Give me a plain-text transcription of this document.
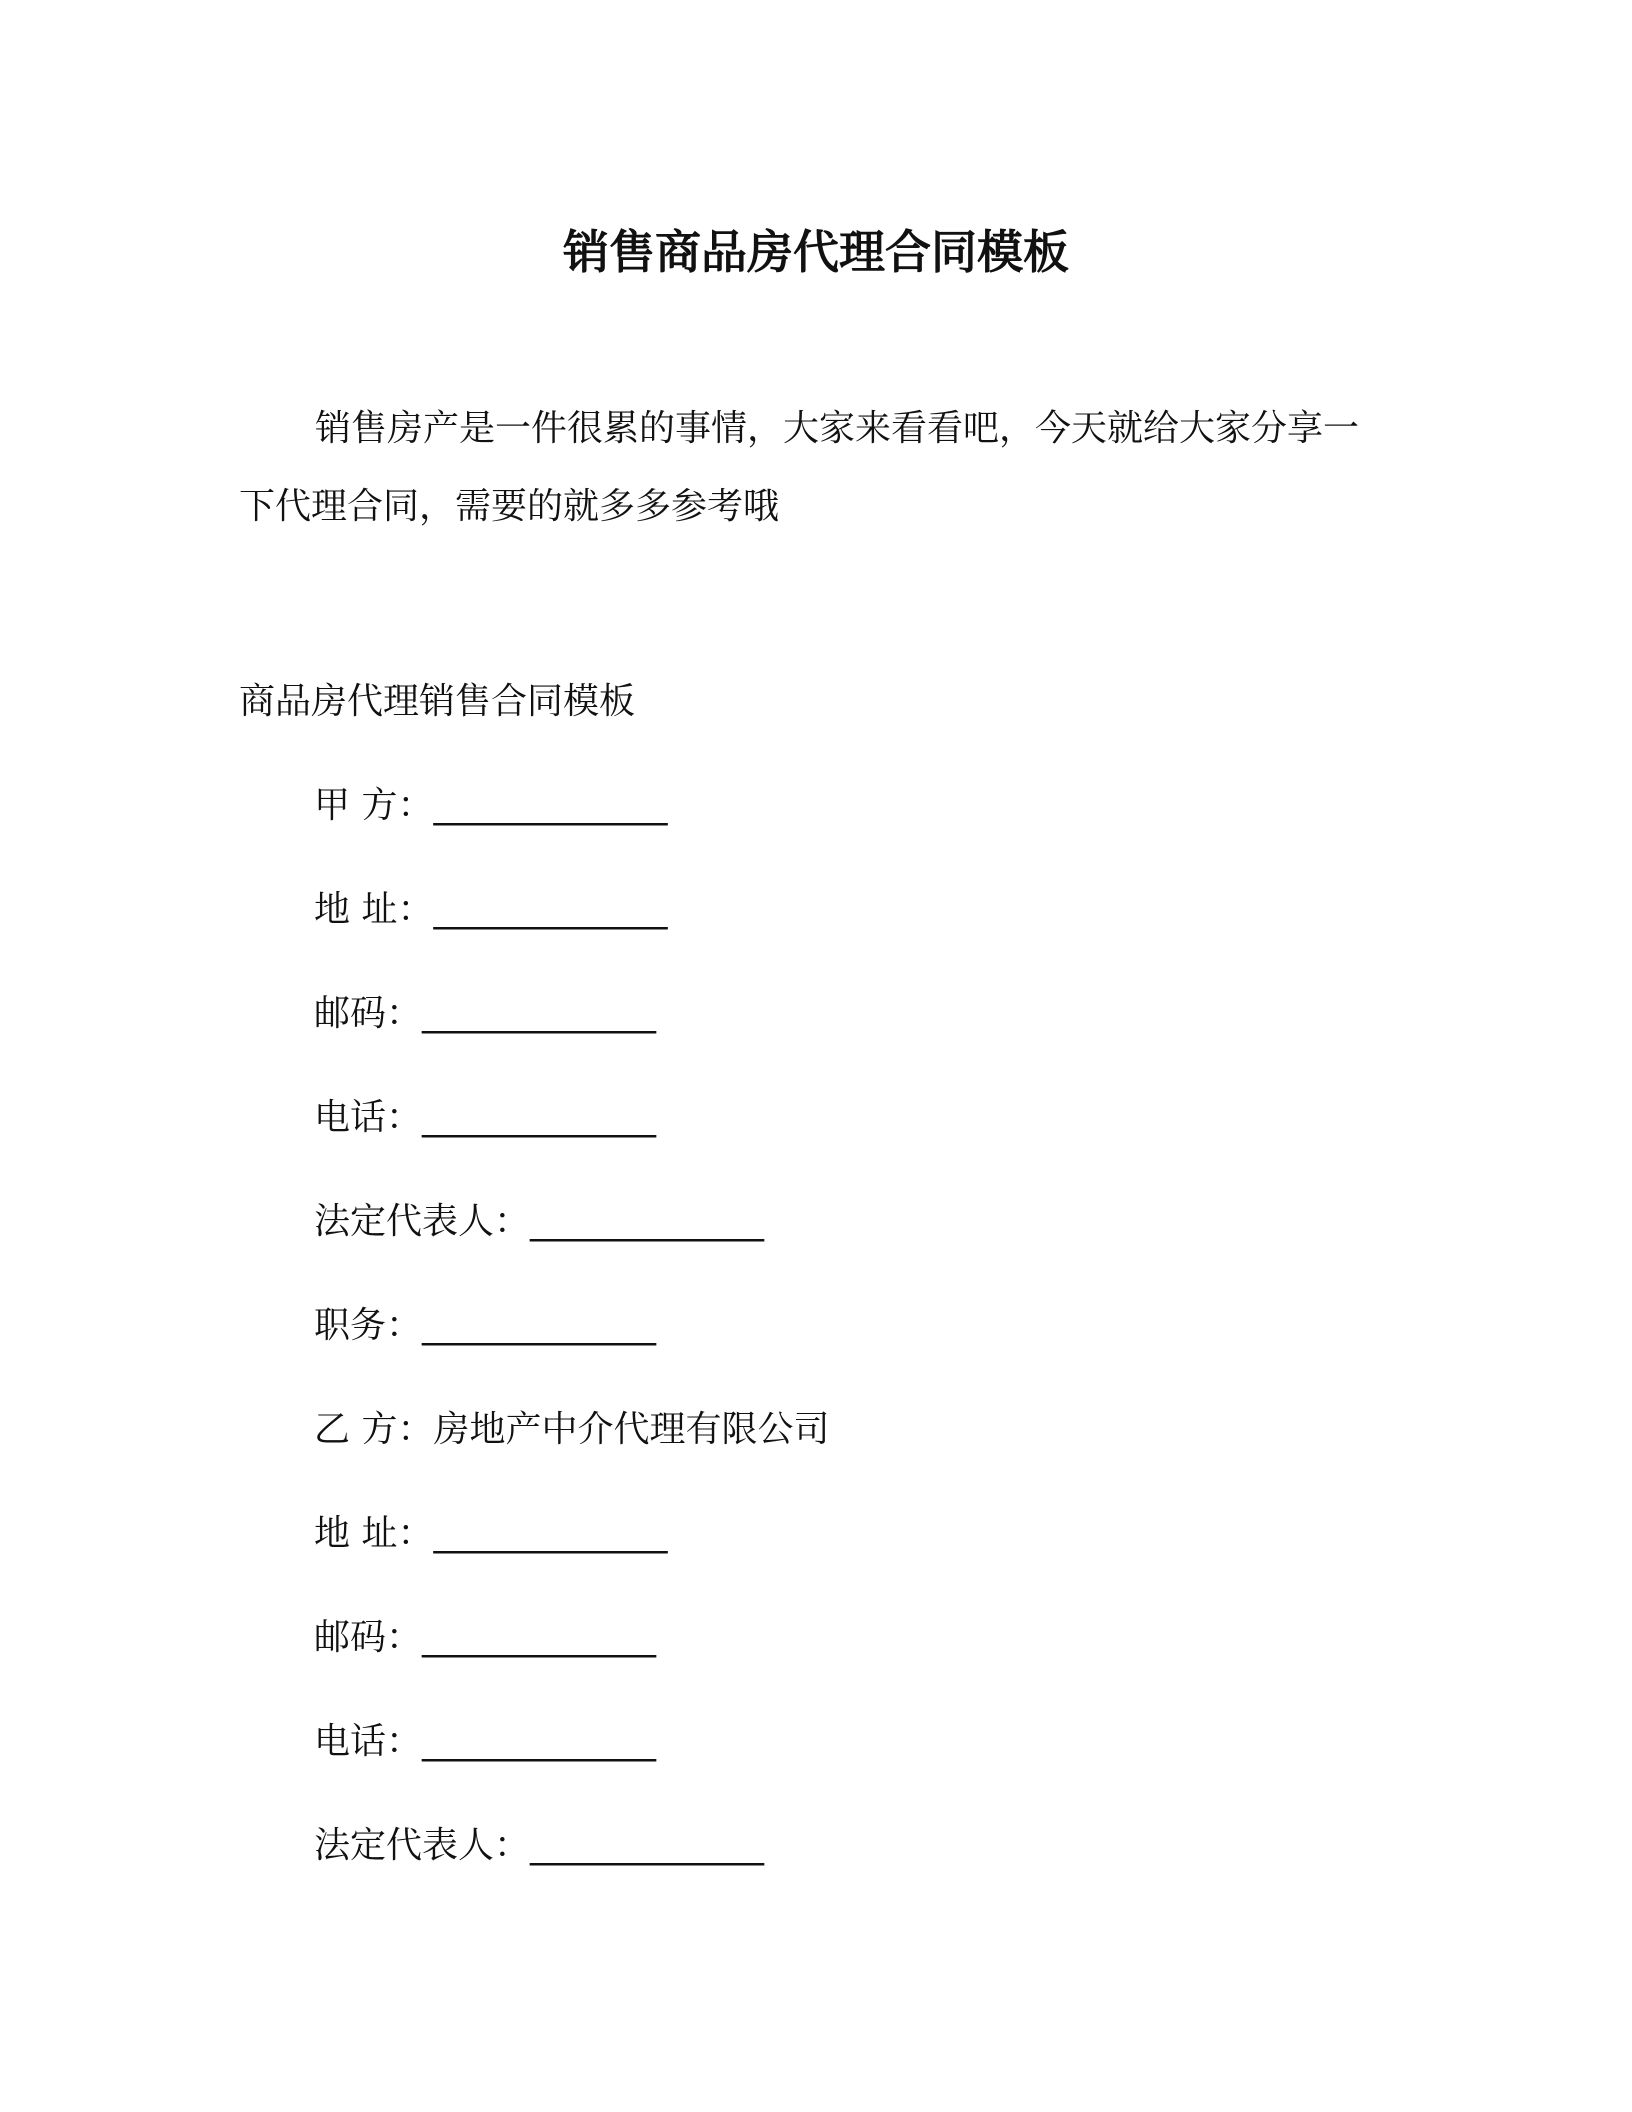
销售商品房代理合同模板

销售房产是一件很累的事情，大家来看看吧，今天就给大家分享一下代理合同，需要的就多多参考哦

商品房代理销售合同模板
甲 方：_____________
地 址：_____________
邮码：_____________
电话：_____________
法定代表人：_____________
职务：_____________
乙 方：房地产中介代理有限公司
地 址：_____________
邮码：_____________
电话：_____________
法定代表人：_____________
